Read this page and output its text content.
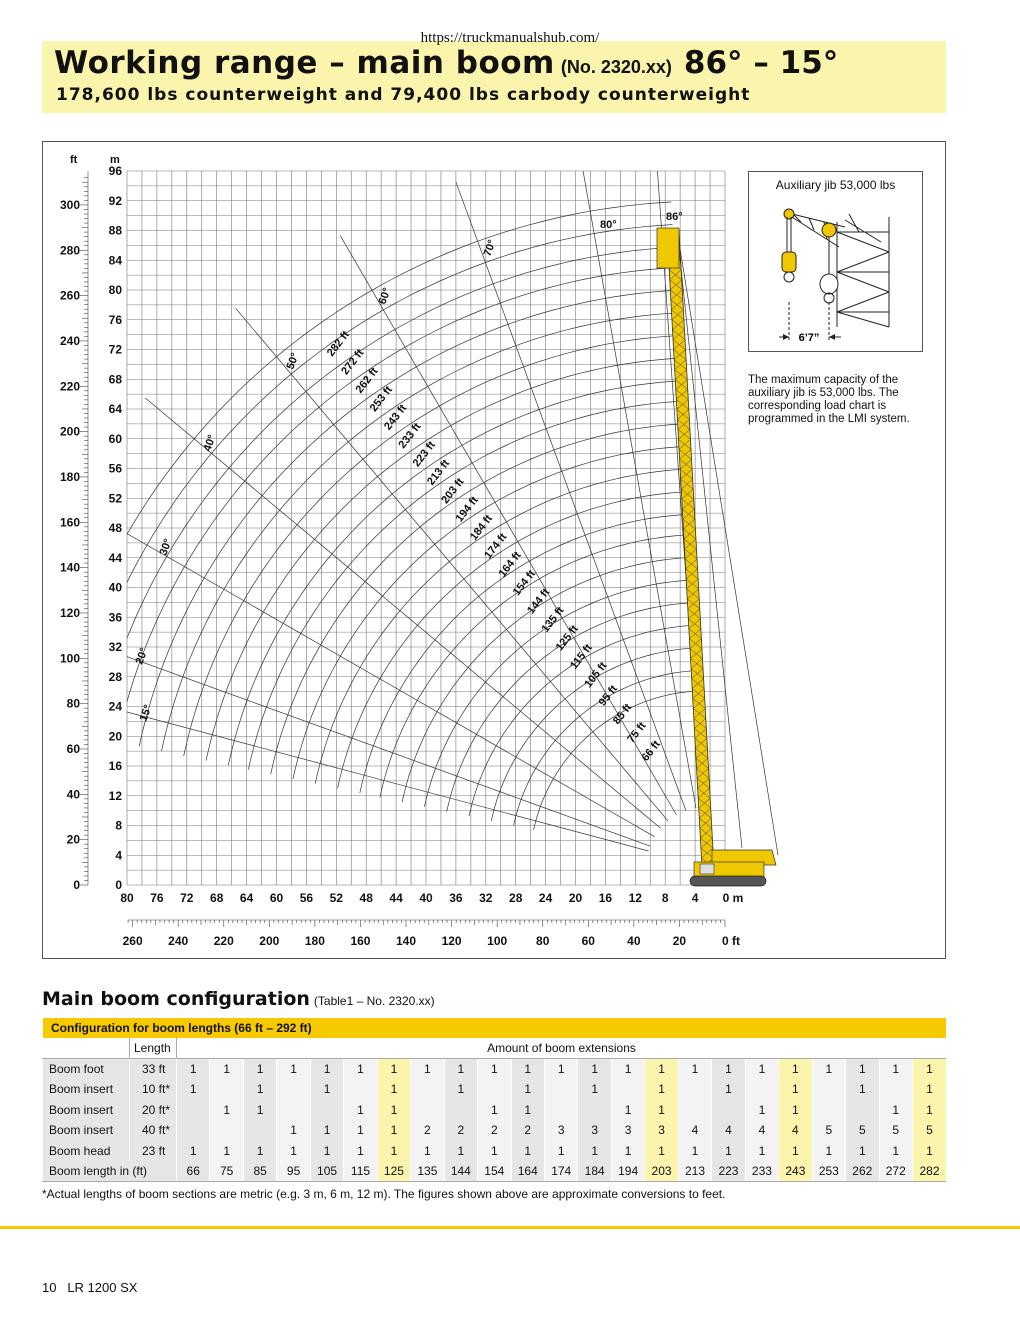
https://truckmanualshub.com/
Working range – main boom (No. 2320.xx) 86° – 15°
178,600 lbs counterweight and 79,400 lbs carbody counterweight
ft	m
96
92
88
84
80
76
72
68
64
60
56
52
48
44
40
36
32
28
24
20
16
12
8
4
0
300
280
260
240
220
200
180
160
140
120
100
80
60
40
20
0
80 76 72 68 64 60 56 52 48 44 40 36 32 28 24 20 16 12 8 4 0 m
260 240 220 200 180 160 140 120 100 80	60	40	20	0 ft
15°
20°
30°
40°
50°
60°
70°
80°
86°
282 ft
272 ft
262 ft
253 ft
243 ft
233 ft
223 ft
213 ft
203 ft
194 ft
184 ft
174 ft
164 ft
154 ft
144 ft
135 ft
125 ft
115 ft
105 ft
95 ft
85 ft
75 ft
66 ft
Auxiliary jib 53,000 lbs
6’7”
The maximum capacity of the auxiliary jib is 53,000 lbs. The corresponding load chart is programmed in the LMI system.
Main boom configuration (Table1 – No. 2320.xx)
Configuration for boom lengths (66 ft – 292 ft)																								
	Length	Amount of boom extensions																						
Boom foot	33 ft	1	1	1	1	1	1	1	1	1	1	1	1	1	1	1	1	1	1	1	1	1	1	1
Boom insert	10 ft*	1		1		1		1		1		1		1		1		1		1		1		1
Boom insert	20 ft*		1	1			1	1			1	1			1	1			1	1			1	1
Boom insert	40 ft*				1	1	1	1	2	2	2	2	3	3	3	3	4	4	4	4	5	5	5	5
Boom head	23 ft	1	1	1	1	1	1	1	1	1	1	1	1	1	1	1	1	1	1	1	1	1	1	1
Boom length in (ft)		66	75	85	95	105	115	125	135	144	154	164	174	184	194	203	213	223	233	243	253	262	272	282
*Actual lengths of boom sections are metric (e.g. 3 m, 6 m, 12 m). The figures shown above are approximate conversions to feet.
10 LR 1200 SX
